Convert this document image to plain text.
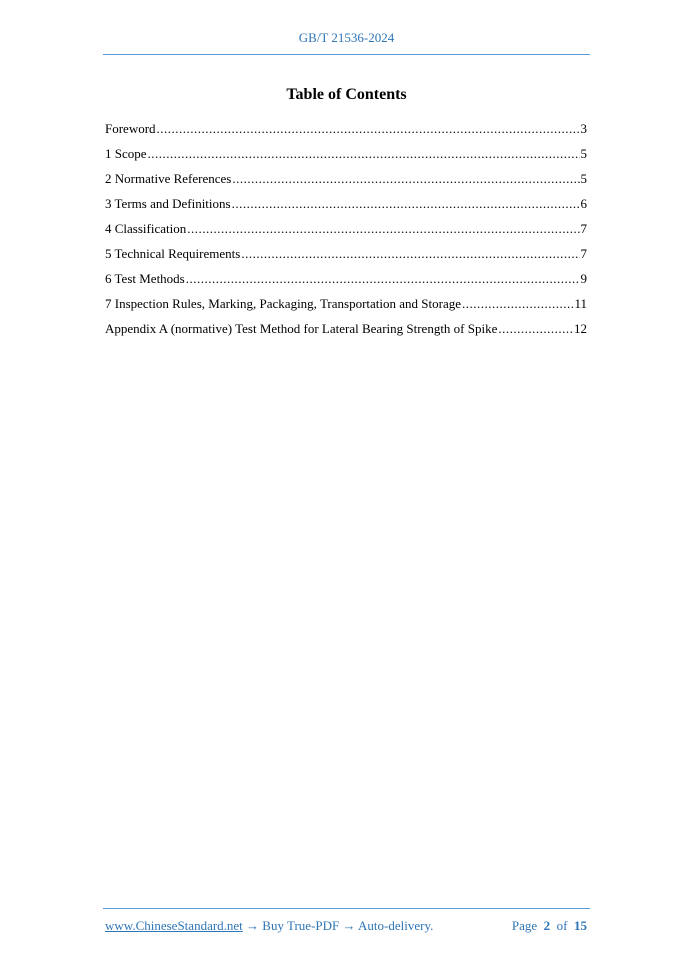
GB/T 21536-2024
Table of Contents
Foreword .....	3
1 Scope .....	5
2 Normative References .....	5
3 Terms and Definitions .....	6
4 Classification .....	7
5 Technical Requirements .....	7
6 Test Methods .....	9
7 Inspection Rules, Marking, Packaging, Transportation and Storage .....	11
Appendix A (normative) Test Method for Lateral Bearing Strength of Spike .....	12
www.ChineseStandard.net → Buy True-PDF → Auto-delivery.	Page 2 of 15
